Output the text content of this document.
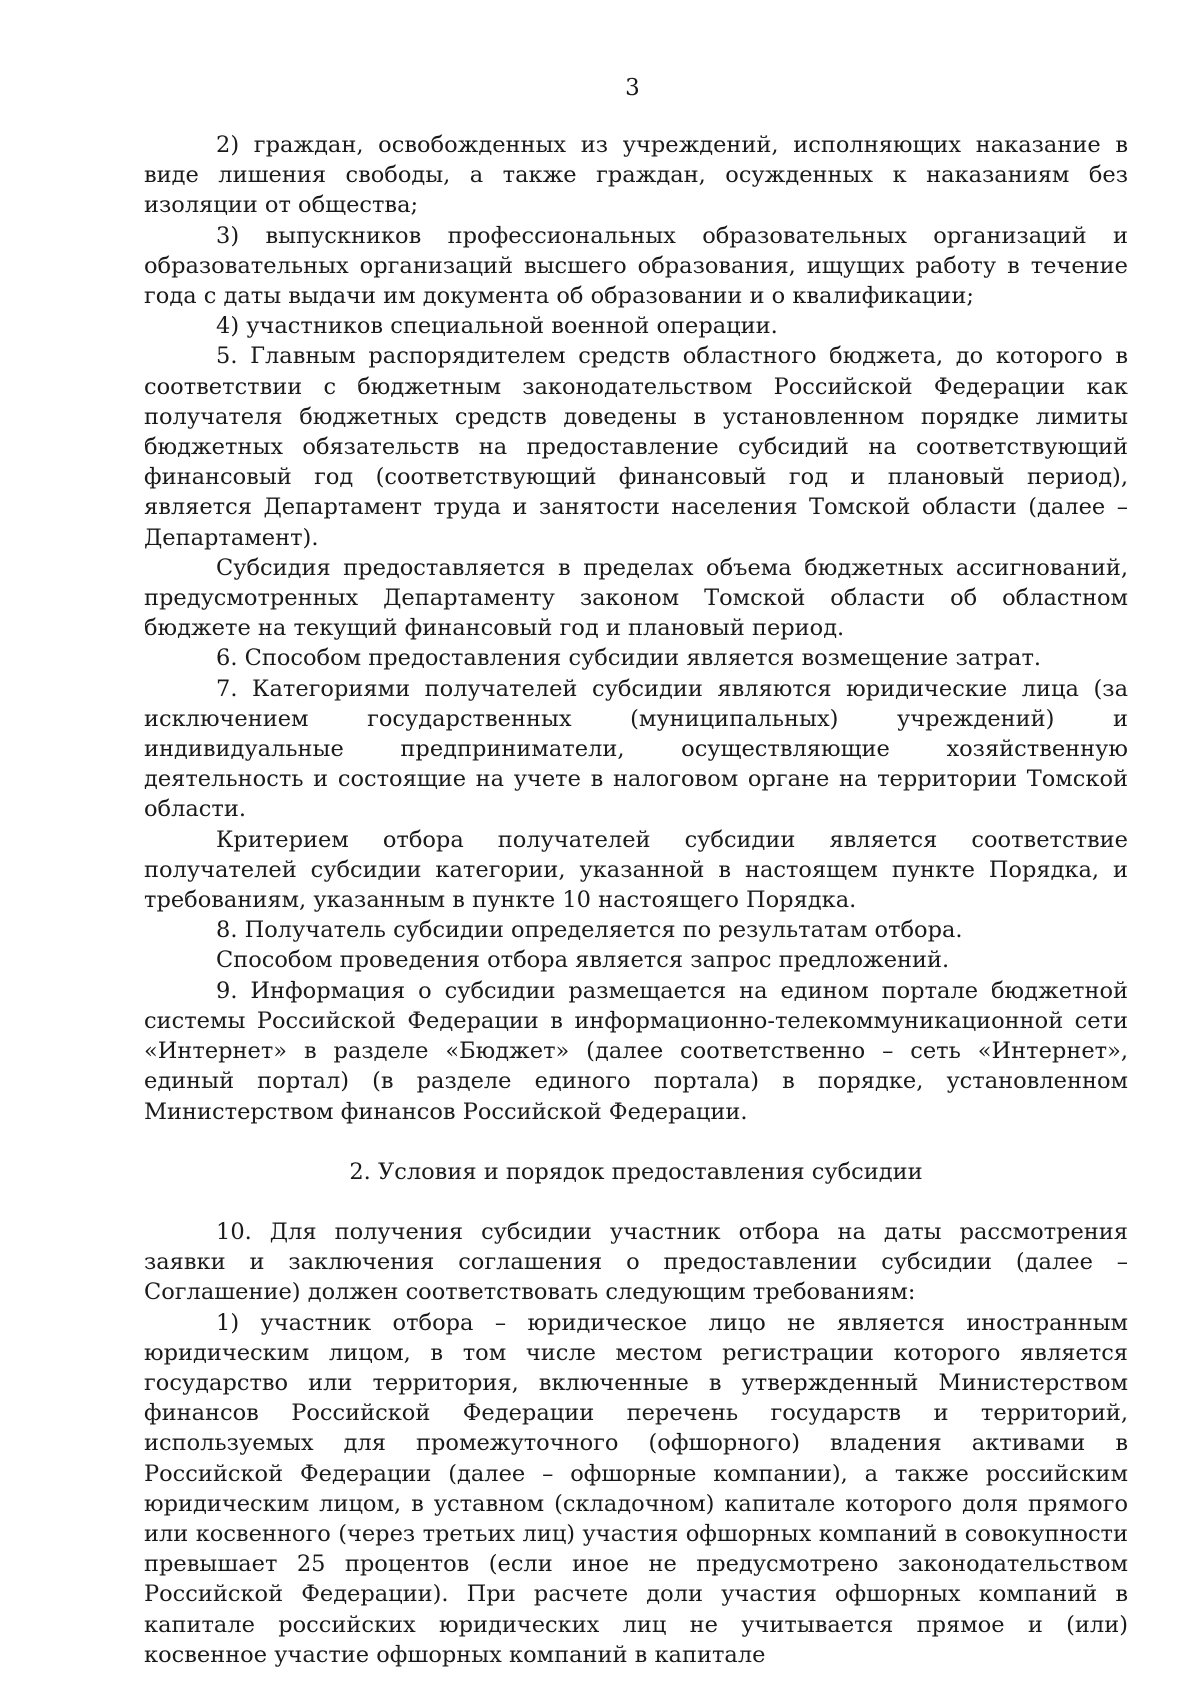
3

2) граждан, освобожденных из учреждений, исполняющих наказание в виде лишения свободы, а также граждан, осужденных к наказаниям без изоляции от общества;

3) выпускников профессиональных образовательных организаций и образовательных организаций высшего образования, ищущих работу в течение года с даты выдачи им документа об образовании и о квалификации;

4) участников специальной военной операции.

5. Главным распорядителем средств областного бюджета, до которого в соответствии с бюджетным законодательством Российской Федерации как получателя бюджетных средств доведены в установленном порядке лимиты бюджетных обязательств на предоставление субсидий на соответствующий финансовый год (соответствующий финансовый год и плановый период), является Департамент труда и занятости населения Томской области (далее – Департамент).

Субсидия предоставляется в пределах объема бюджетных ассигнований, предусмотренных Департаменту законом Томской области об областном бюджете на текущий финансовый год и плановый период.

6. Способом предоставления субсидии является возмещение затрат.

7. Категориями получателей субсидии являются юридические лица (за исключением государственных (муниципальных) учреждений) и индивидуальные предприниматели, осуществляющие хозяйственную деятельность и состоящие на учете в налоговом органе на территории Томской области.

Критерием отбора получателей субсидии является соответствие получателей субсидии категории, указанной в настоящем пункте Порядка, и требованиям, указанным в пункте 10 настоящего Порядка.

8. Получатель субсидии определяется по результатам отбора.

Способом проведения отбора является запрос предложений.

9. Информация о субсидии размещается на едином портале бюджетной системы Российской Федерации в информационно-телекоммуникационной сети «Интернет» в разделе «Бюджет» (далее соответственно – сеть «Интернет», единый портал) (в разделе единого портала) в порядке, установленном Министерством финансов Российской Федерации.

2. Условия и порядок предоставления субсидии

10. Для получения субсидии участник отбора на даты рассмотрения заявки и заключения соглашения о предоставлении субсидии (далее – Соглашение) должен соответствовать следующим требованиям:

1) участник отбора – юридическое лицо не является иностранным юридическим лицом, в том числе местом регистрации которого является государство или территория, включенные в утвержденный Министерством финансов Российской Федерации перечень государств и территорий, используемых для промежуточного (офшорного) владения активами в Российской Федерации (далее – офшорные компании), а также российским юридическим лицом, в уставном (складочном) капитале которого доля прямого или косвенного (через третьих лиц) участия офшорных компаний в совокупности превышает 25 процентов (если иное не предусмотрено законодательством Российской Федерации). При расчете доли участия офшорных компаний в капитале российских юридических лиц не учитывается прямое и (или) косвенное участие офшорных компаний в капитале
